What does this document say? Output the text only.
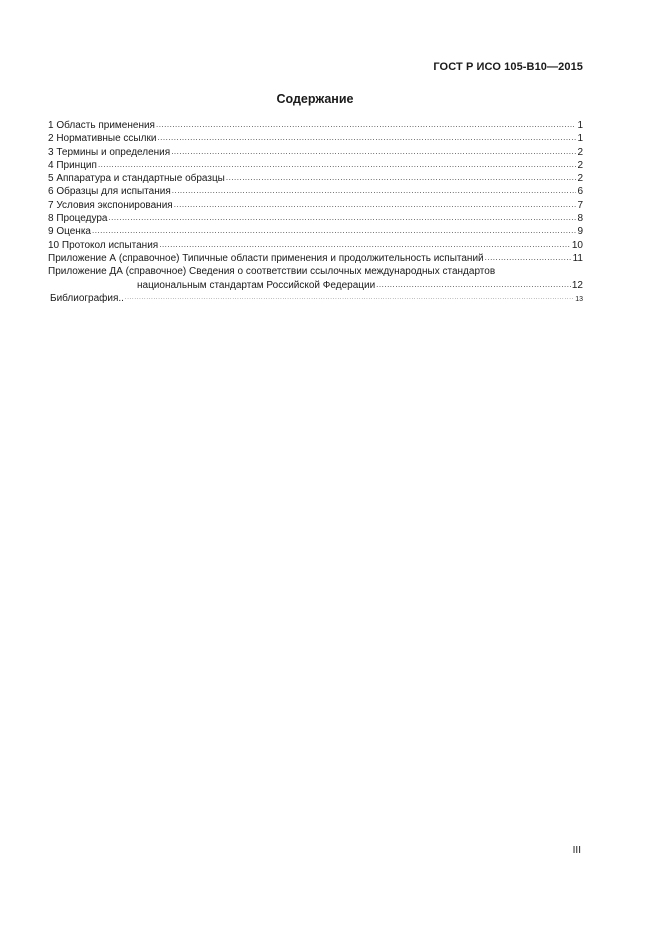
ГОСТ Р ИСО 105-В10—2015
Содержание
1 Область применения .....	1
2 Нормативные ссылки .....	1
3 Термины и определения .....	2
4 Принцип .....	2
5 Аппаратура и стандартные образцы .....	2
6 Образцы для испытания .....	6
7 Условия экспонирования .....	7
8 Процедура .....	8
9 Оценка .....	9
10 Протокол испытания .....	10
Приложение А (справочное) Типичные области применения и продолжительность испытаний .....	11
Приложение ДА (справочное) Сведения о соответствии ссылочных международных стандартов
национальным стандартам Российской Федерации .....	12
Библиография.. .....	13
III
